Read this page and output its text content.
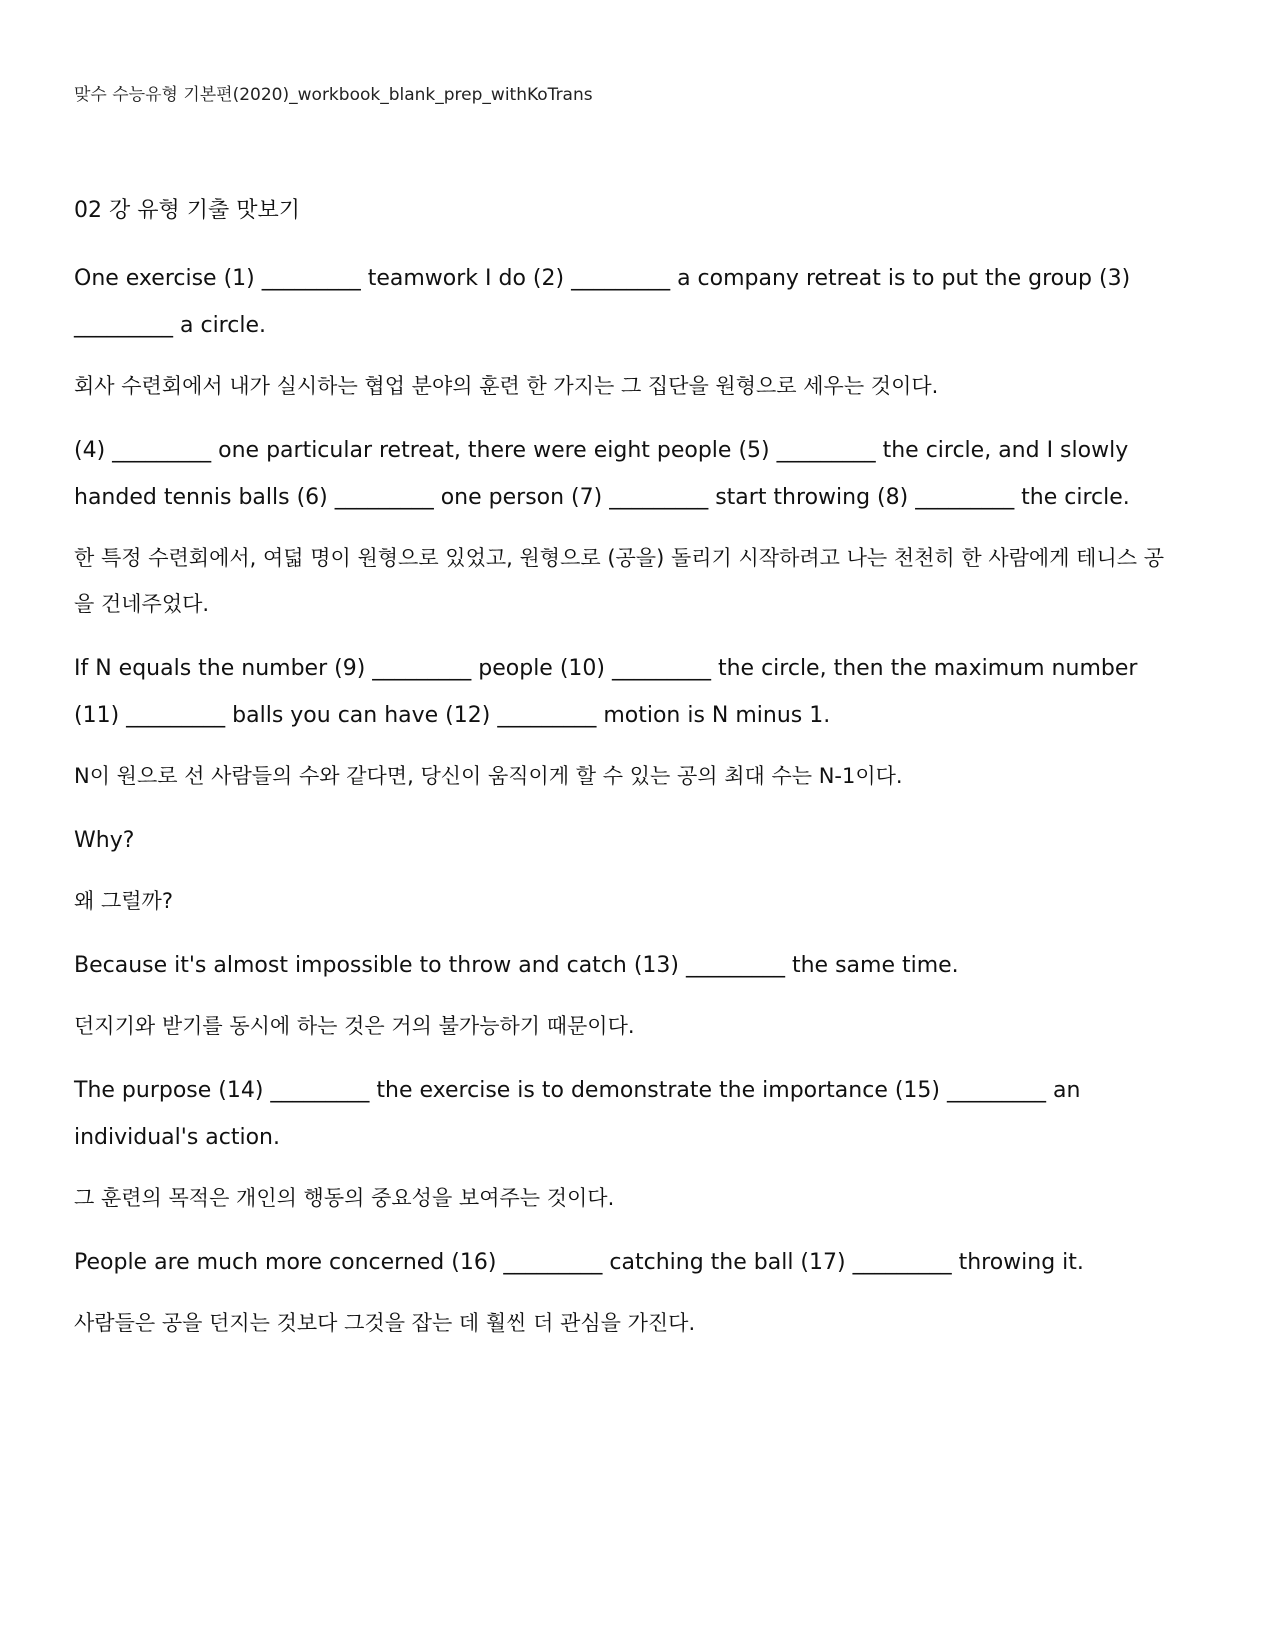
맞수 수능유형 기본편(2020)_workbook_blank_prep_withKoTrans
02 강 유형 기출 맛보기

One exercise (1) _________ teamwork I do (2) _________ a company retreat is to put the group (3) _________ a circle.

회사 수련회에서 내가 실시하는 협업 분야의 훈련 한 가지는 그 집단을 원형으로 세우는 것이다.

(4) _________ one particular retreat, there were eight people (5) _________ the circle, and I slowly handed tennis balls (6) _________ one person (7) _________ start throwing (8) _________ the circle.

한 특정 수련회에서, 여덟 명이 원형으로 있었고, 원형으로 (공을) 돌리기 시작하려고 나는 천천히 한 사람에게 테니스 공을 건네주었다.

If N equals the number (9) _________ people (10) _________ the circle, then the maximum number (11) _________ balls you can have (12) _________ motion is N minus 1.

N이 원으로 선 사람들의 수와 같다면, 당신이 움직이게 할 수 있는 공의 최대 수는 N-1이다.

Why?

왜 그럴까?

Because it's almost impossible to throw and catch (13) _________ the same time.

던지기와 받기를 동시에 하는 것은 거의 불가능하기 때문이다.

The purpose (14) _________ the exercise is to demonstrate the importance (15) _________ an individual's action.

그 훈련의 목적은 개인의 행동의 중요성을 보여주는 것이다.

People are much more concerned (16) _________ catching the ball (17) _________ throwing it.

사람들은 공을 던지는 것보다 그것을 잡는 데 훨씬 더 관심을 가진다.
